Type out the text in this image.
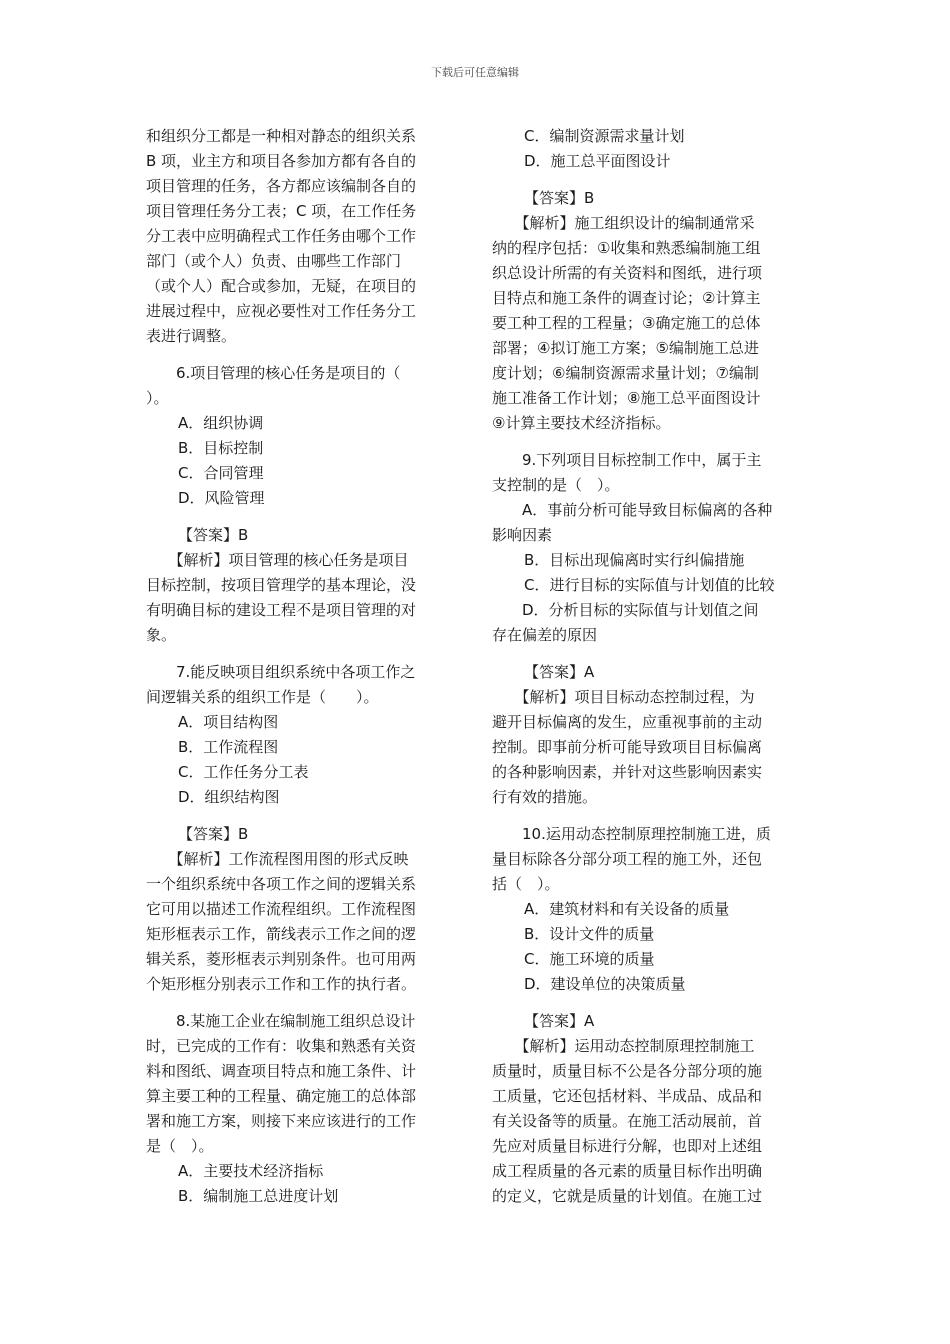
下载后可任意编辑

和组织分工都是一种相对静态的组织关系
B 项，业主方和项目各参加方都有各自的
项目管理的任务，各方都应该编制各自的
项目管理任务分工表；C 项，在工作任务
分工表中应明确程式工作任务由哪个工作
部门（或个人）负责、由哪些工作部门
（或个人）配合或参加，无疑，在项目的
进展过程中，应视必要性对工作任务分工
表进行调整。

　　6.项目管理的核心任务是项目的（
）。

A．组织协调

B．目标控制

C．合同管理

D．风险管理

【答案】B

　　【解析】项目管理的核心任务是项目
目标控制，按项目管理学的基本理论，没
有明确目标的建设工程不是项目管理的对
象。

　　7.能反映项目组织系统中各项工作之
间逻辑关系的组织工作是（　　）。

A．项目结构图

B．工作流程图

C．工作任务分工表

D．组织结构图

【答案】B

　　【解析】工作流程图用图的形式反映
一个组织系统中各项工作之间的逻辑关系
它可用以描述工作流程组织。工作流程图
矩形框表示工作，箭线表示工作之间的逻
辑关系，菱形框表示判别条件。也可用两
个矩形框分别表示工作和工作的执行者。

　　8.某施工企业在编制施工组织总设计
时，已完成的工作有：收集和熟悉有关资
料和图纸、调查项目特点和施工条件、计
算主要工种的工程量、确定施工的总体部
署和施工方案，则接下来应该进行的工作
是（　）。

A．主要技术经济指标

B．编制施工总进度计划

C．编制资源需求量计划

D．施工总平面图设计

【答案】B

　　【解析】施工组织设计的编制通常采
纳的程序包括：①收集和熟悉编制施工组
织总设计所需的有关资料和图纸，进行项
目特点和施工条件的调查讨论；②计算主
要工种工程的工程量；③确定施工的总体
部署；④拟订施工方案；⑤编制施工总进
度计划；⑥编制资源需求量计划；⑦编制
施工准备工作计划；⑧施工总平面图设计
⑨计算主要技术经济指标。

　　9.下列项目目标控制工作中，属于主
支控制的是（　）。

　　A．事前分析可能导致目标偏离的各种
影响因素

B．目标出现偏离时实行纠偏措施

C．进行目标的实际值与计划值的比较

　　D．分析目标的实际值与计划值之间
存在偏差的原因

【答案】A

　　【解析】项目目标动态控制过程，为
避开目标偏离的发生，应重视事前的主动
控制。即事前分析可能导致项目目标偏离
的各种影响因素，并针对这些影响因素实
行有效的措施。

　　10.运用动态控制原理控制施工进，质
量目标除各分部分项工程的施工外，还包
括（　）。

A．建筑材料和有关设备的质量

B．设计文件的质量

C．施工环境的质量

D．建设单位的决策质量

【答案】A

　　【解析】运用动态控制原理控制施工
质量时，质量目标不公是各分部分项的施
工质量，它还包括材料、半成品、成品和
有关设备等的质量。在施工活动展前，首
先应对质量目标进行分解，也即对上述组
成工程质量的各元素的质量目标作出明确
的定义，它就是质量的计划值。在施工过
